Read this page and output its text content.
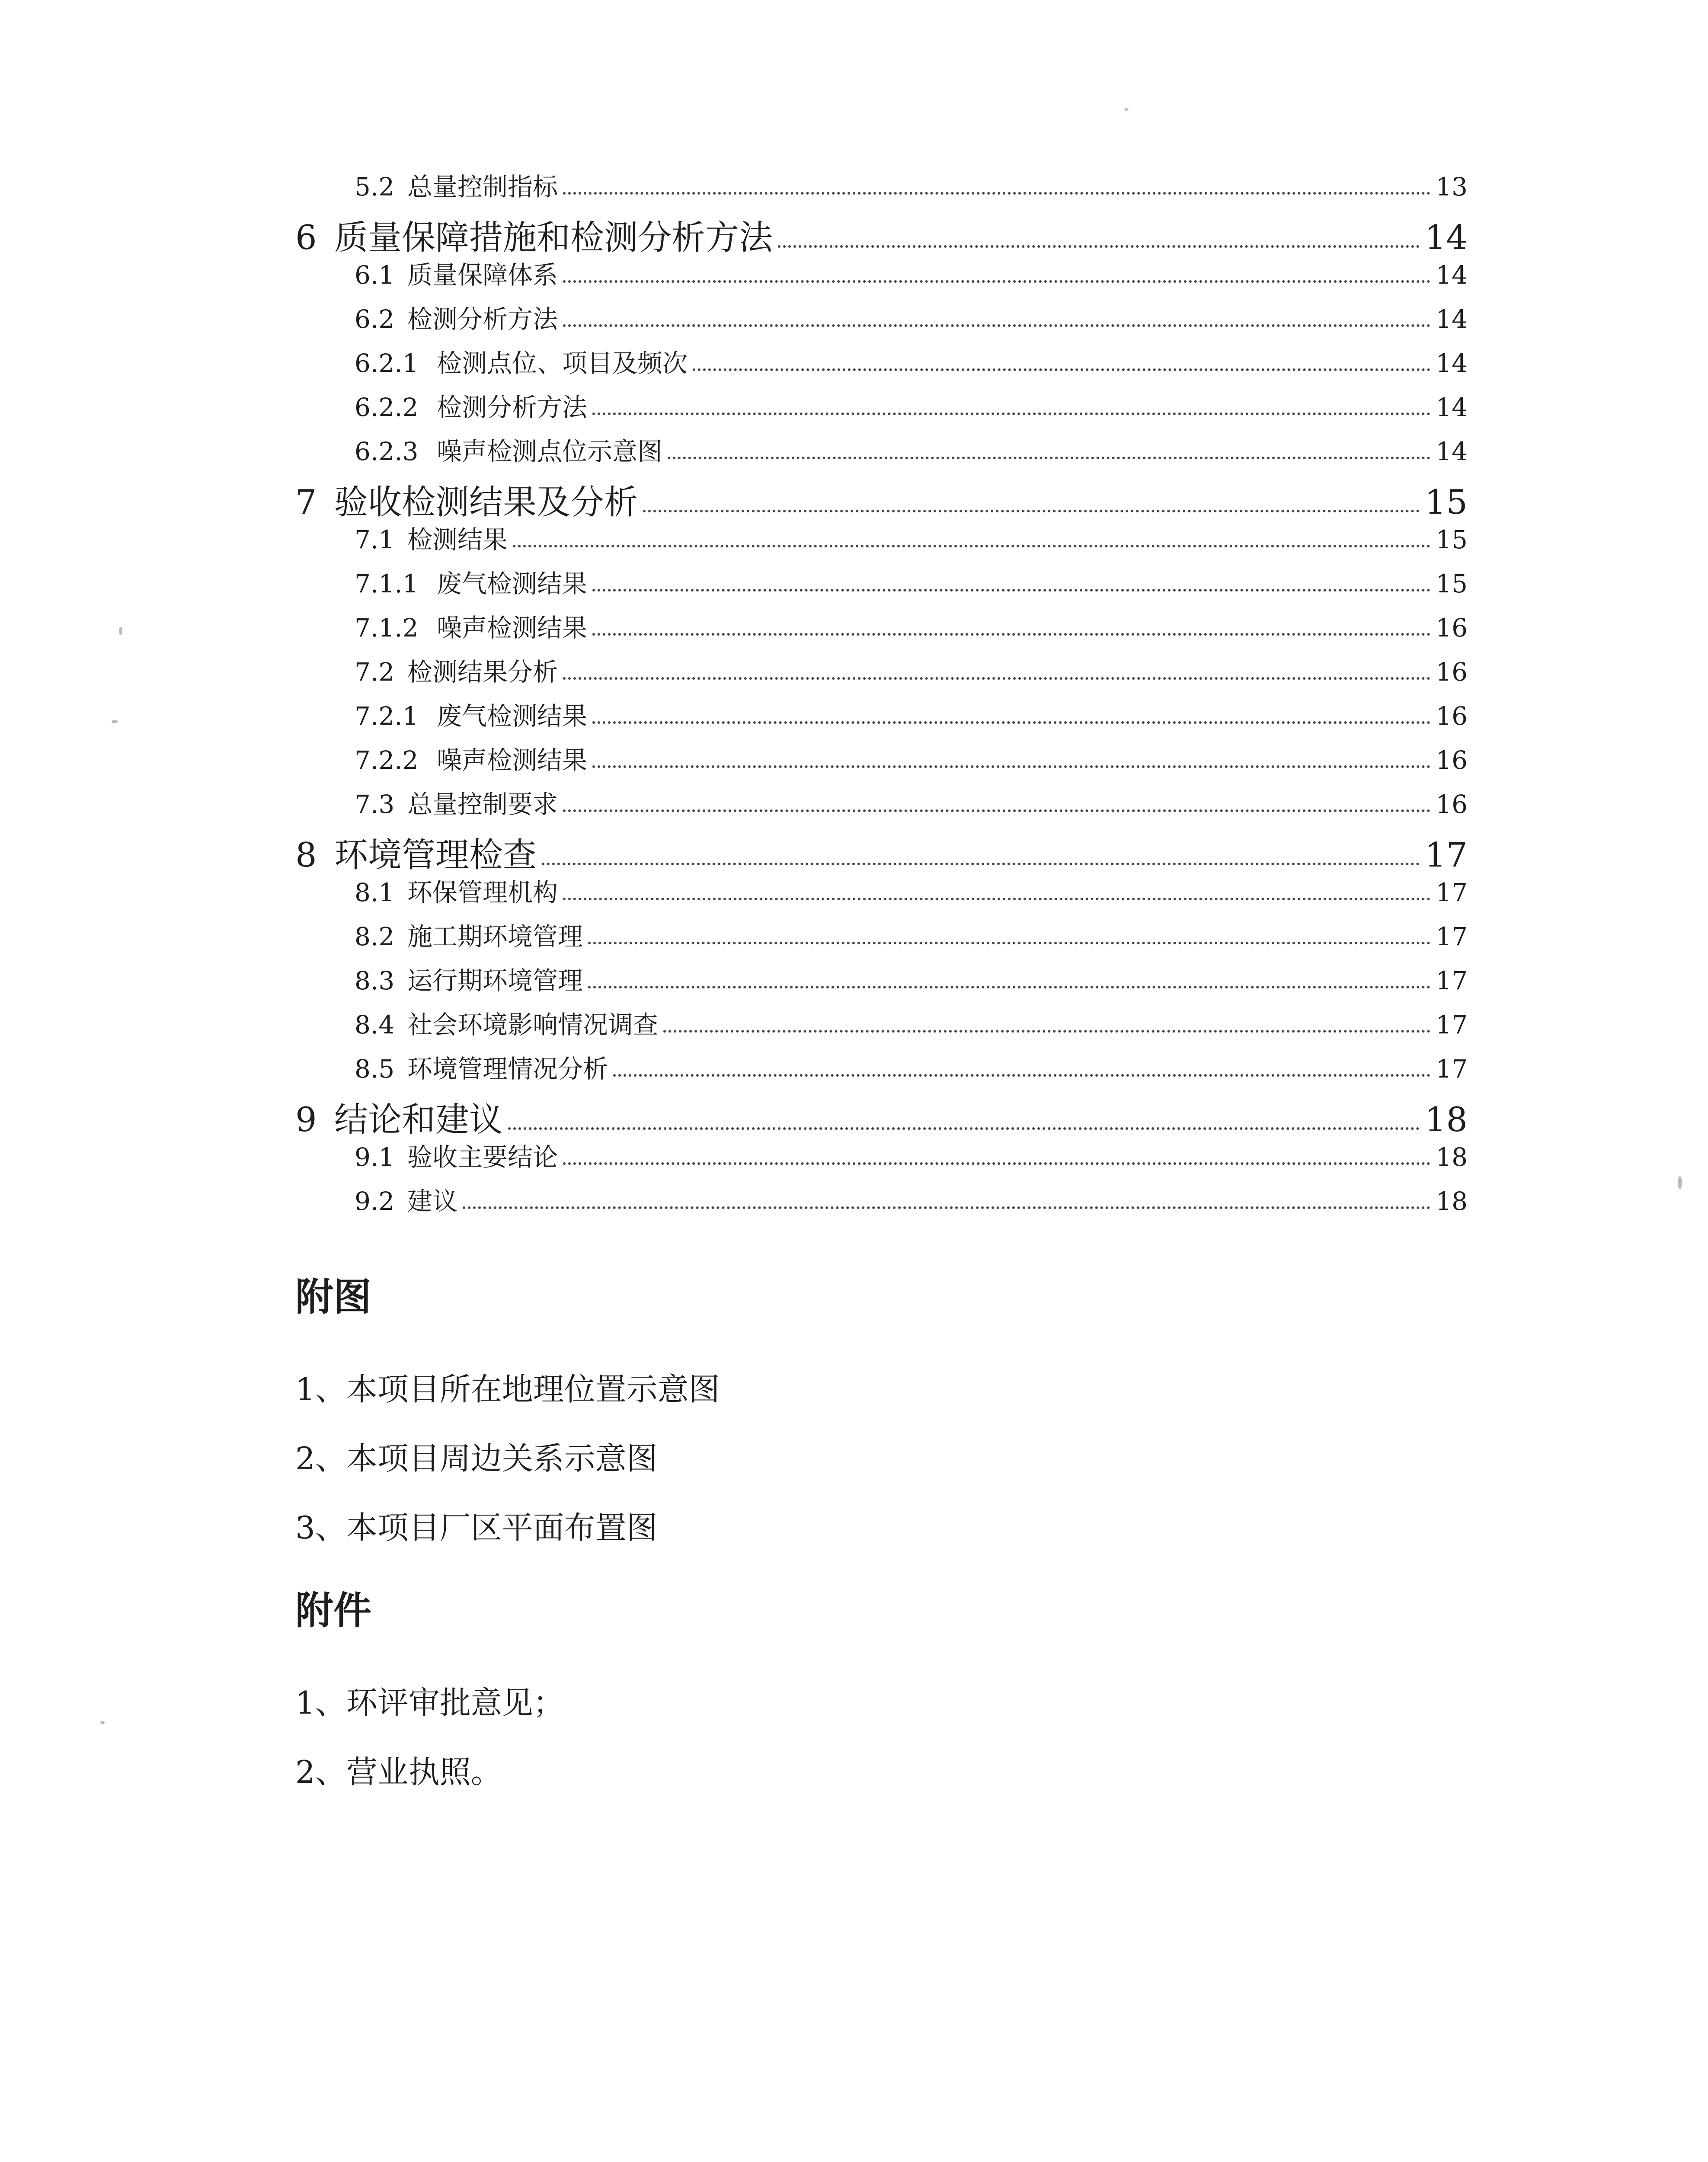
5.2 总量控制指标	13
6 质量保障措施和检测分析方法	14
6.1 质量保障体系	14
6.2 检测分析方法	14
6.2.1 检测点位、项目及频次	14
6.2.2 检测分析方法	14
6.2.3 噪声检测点位示意图	14
7 验收检测结果及分析	15
7.1 检测结果	15
7.1.1 废气检测结果	15
7.1.2 噪声检测结果	16
7.2 检测结果分析	16
7.2.1 废气检测结果	16
7.2.2 噪声检测结果	16
7.3 总量控制要求	16
8 环境管理检查	17
8.1 环保管理机构	17
8.2 施工期环境管理	17
8.3 运行期环境管理	17
8.4 社会环境影响情况调查	17
8.5 环境管理情况分析	17
9 结论和建议	18
9.1 验收主要结论	18
9.2 建议	18
附图
1、本项目所在地理位置示意图
2、本项目周边关系示意图
3、本项目厂区平面布置图
附件
1、环评审批意见；
2、营业执照。
